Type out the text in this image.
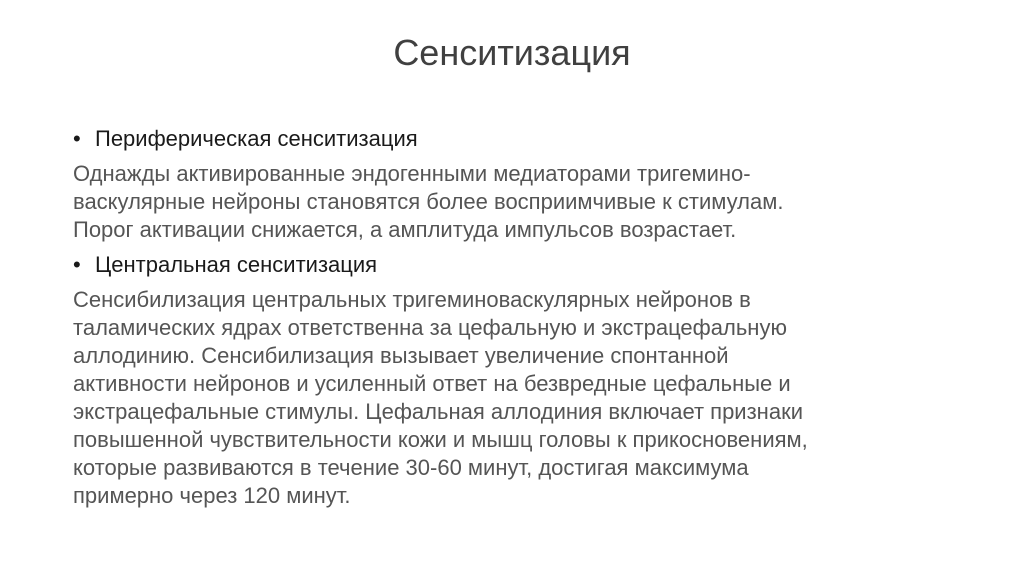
Сенситизация
• Периферическая сенситизация

Однажды активированные эндогенными медиаторами тригемино-
васкулярные нейроны становятся более восприимчивые к стимулам.
Порог активации снижается, а амплитуда импульсов возрастает.

• Центральная сенситизация

Сенсибилизация центральных тригеминоваскулярных нейронов в
таламических ядрах ответственна за цефальную и экстрацефальную
аллодинию. Сенсибилизация вызывает увеличение спонтанной
активности нейронов и усиленный ответ на безвредные цефальные и
экстрацефальные стимулы. Цефальная аллодиния включает признаки
повышенной чувствительности кожи и мышц головы к прикосновениям,
которые развиваются в течение 30-60 минут, достигая максимума
примерно через 120 минут.
